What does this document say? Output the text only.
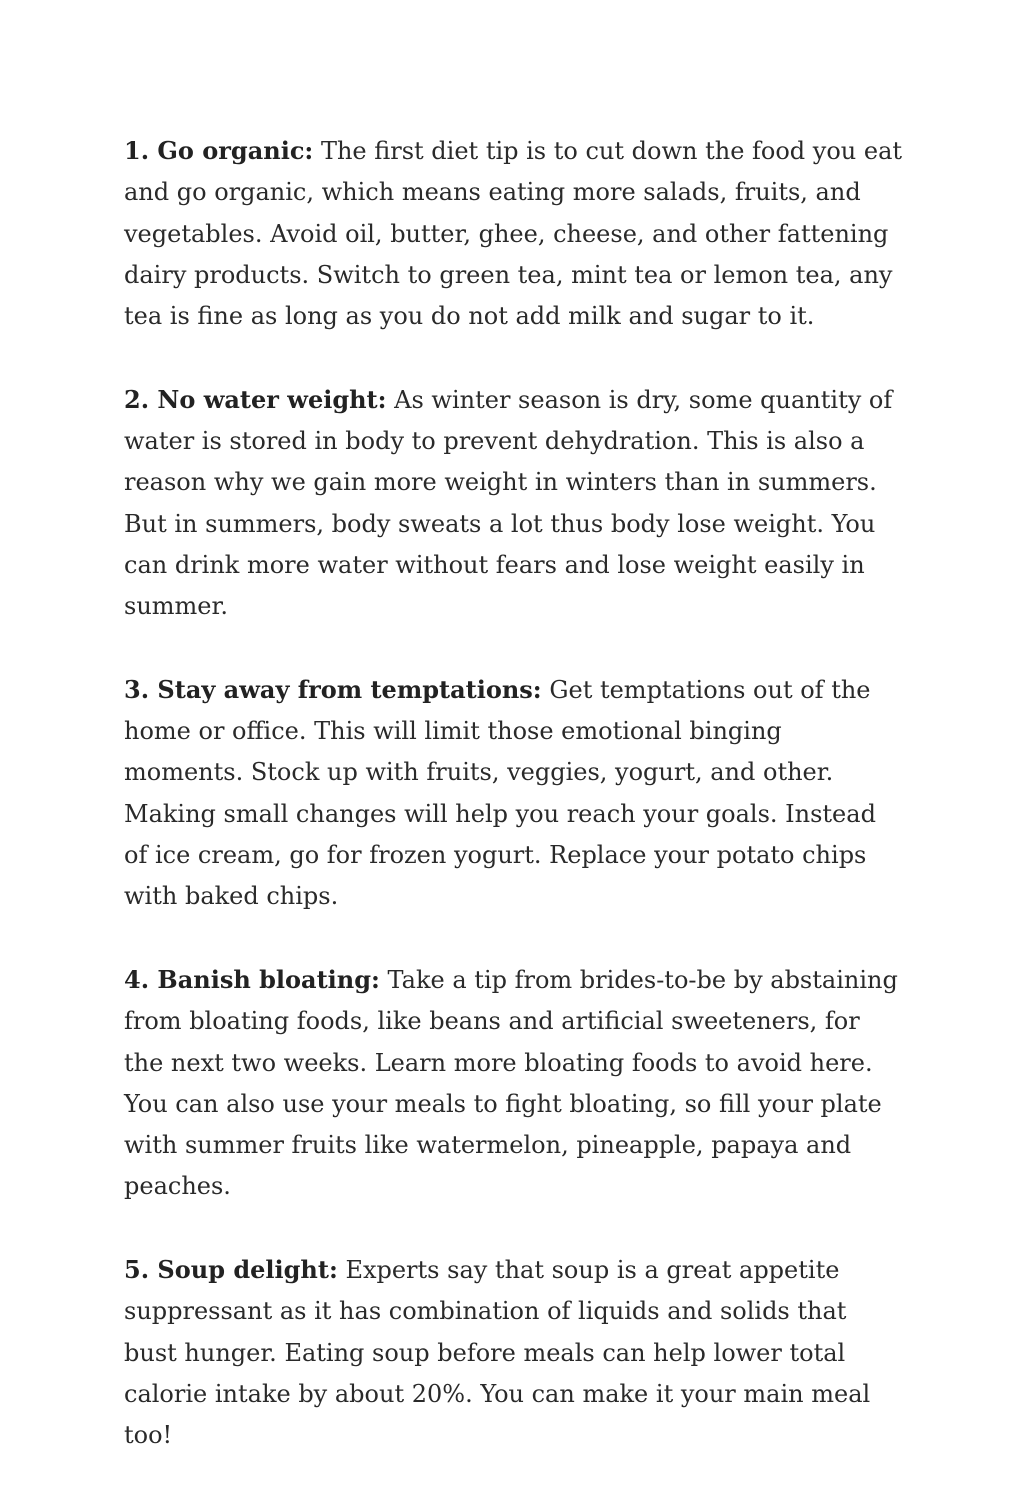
1. Go organic: The first diet tip is to cut down the food you eat and go organic, which means eating more salads, fruits, and vegetables. Avoid oil, butter, ghee, cheese, and other fattening dairy products. Switch to green tea, mint tea or lemon tea, any tea is fine as long as you do not add milk and sugar to it.

2. No water weight: As winter season is dry, some quantity of water is stored in body to prevent dehydration. This is also a reason why we gain more weight in winters than in summers. But in summers, body sweats a lot thus body lose weight. You can drink more water without fears and lose weight easily in summer.

3. Stay away from temptations: Get temptations out of the home or office. This will limit those emotional binging moments. Stock up with fruits, veggies, yogurt, and other. Making small changes will help you reach your goals. Instead of ice cream, go for frozen yogurt. Replace your potato chips with baked chips.

4. Banish bloating: Take a tip from brides-to-be by abstaining from bloating foods, like beans and artificial sweeteners, for the next two weeks. Learn more bloating foods to avoid here. You can also use your meals to fight bloating, so fill your plate with summer fruits like watermelon, pineapple, papaya and peaches.

5. Soup delight: Experts say that soup is a great appetite suppressant as it has combination of liquids and solids that bust hunger. Eating soup before meals can help lower total calorie intake by about 20%. You can make it your main meal too!
